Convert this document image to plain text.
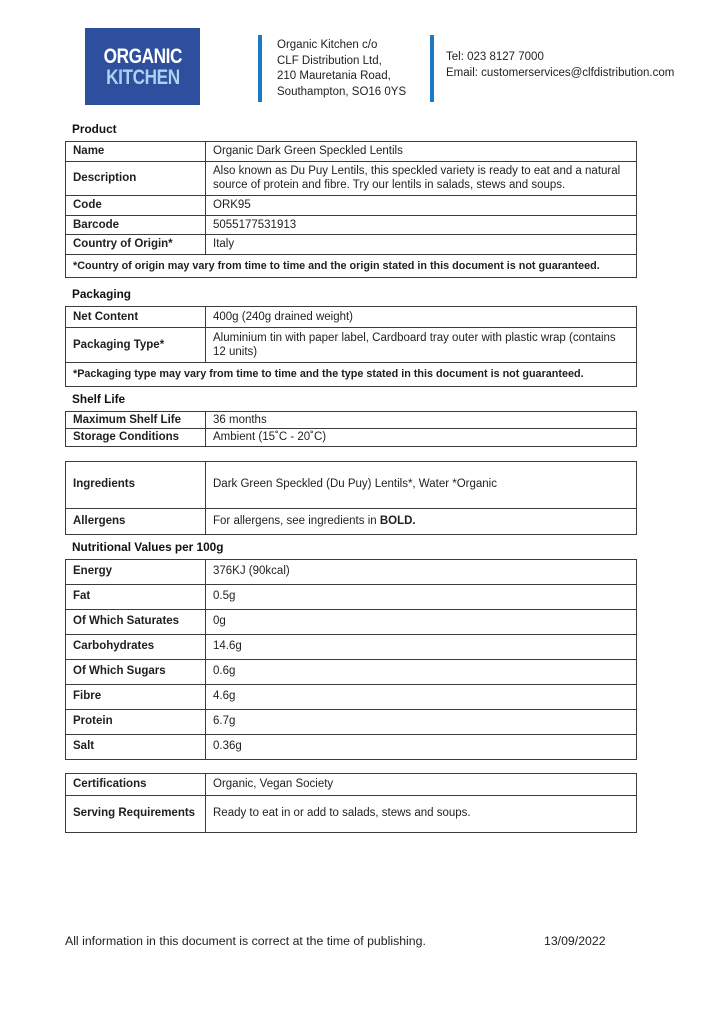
ORGANIC
KITCHEN
Organic Kitchen c/o
CLF Distribution Ltd,
210 Mauretania Road,
Southampton, SO16 0YS
Tel: 023 8127 7000
Email: customerservices@clfdistribution.com
Product
Name	Organic Dark Green Speckled Lentils
Description	Also known as Du Puy Lentils, this speckled variety is ready to eat and a natural source of protein and fibre. Try our lentils in salads, stews and soups.
Code	ORK95
Barcode	5055177531913
Country of Origin*	Italy
*Country of origin may vary from time to time and the origin stated in this document is not guaranteed.	
Packaging
Net Content	400g (240g drained weight)
Packaging Type*	Aluminium tin with paper label, Cardboard tray outer with plastic wrap (contains 12 units)
*Packaging type may vary from time to time and the type stated in this document is not guaranteed.	
Shelf Life
Maximum Shelf Life	36 months
Storage Conditions	Ambient (15˚C - 20˚C)
Ingredients	Dark Green Speckled (Du Puy) Lentils*, Water *Organic
Allergens	For allergens, see ingredients in BOLD.
Nutritional Values per 100g
Energy	376KJ (90kcal)
Fat	0.5g
Of Which Saturates	0g
Carbohydrates	14.6g
Of Which Sugars	0.6g
Fibre	4.6g
Protein	6.7g
Salt	0.36g
Certifications	Organic, Vegan Society
Serving Requirements	Ready to eat in or add to salads, stews and soups.
All information in this document is correct at the time of publishing.	13/09/2022
